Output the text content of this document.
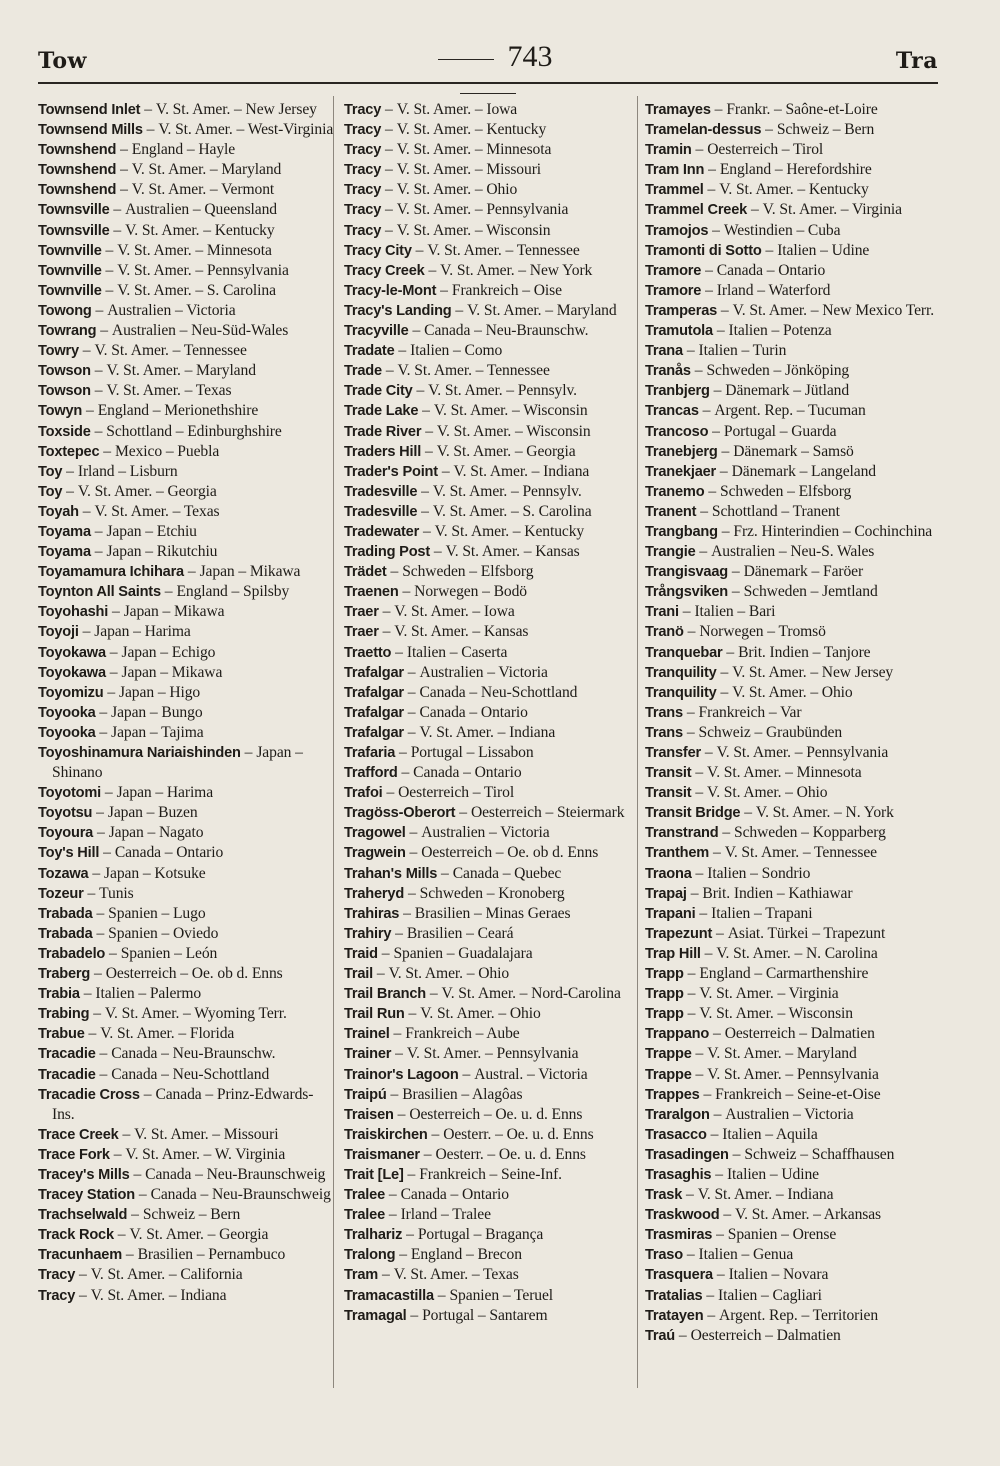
Tow	743	Tra
Townsend Inlet – V. St. Amer. – New Jersey
Townsend Mills – V. St. Amer. – West-Virginia
Townshend – England – Hayle
Townshend – V. St. Amer. – Maryland
Townshend – V. St. Amer. – Vermont
Townsville – Australien – Queensland
Townsville – V. St. Amer. – Kentucky
Townville – V. St. Amer. – Minnesota
Townville – V. St. Amer. – Pennsylvania
Townville – V. St. Amer. – S. Carolina
Towong – Australien – Victoria
Towrang – Australien – Neu-Süd-Wales
Towry – V. St. Amer. – Tennessee
Towson – V. St. Amer. – Maryland
Towson – V. St. Amer. – Texas
Towyn – England – Merionethshire
Toxside – Schottland – Edinburghshire
Toxtepec – Mexico – Puebla
Toy – Irland – Lisburn
Toy – V. St. Amer. – Georgia
Toyah – V. St. Amer. – Texas
Toyama – Japan – Etchiu
Toyama – Japan – Rikutchiu
Toyamamura Ichihara – Japan – Mikawa
Toynton All Saints – England – Spilsby
Toyohashi – Japan – Mikawa
Toyoji – Japan – Harima
Toyokawa – Japan – Echigo
Toyokawa – Japan – Mikawa
Toyomizu – Japan – Higo
Toyooka – Japan – Bungo
Toyooka – Japan – Tajima
Toyoshinamura Nariaishinden – Japan – Shinano
Toyotomi – Japan – Harima
Toyotsu – Japan – Buzen
Toyoura – Japan – Nagato
Toy's Hill – Canada – Ontario
Tozawa – Japan – Kotsuke
Tozeur – Tunis
Trabada – Spanien – Lugo
Trabada – Spanien – Oviedo
Trabadelo – Spanien – León
Traberg – Oesterreich – Oe. ob d. Enns
Trabia – Italien – Palermo
Trabing – V. St. Amer. – Wyoming Terr.
Trabue – V. St. Amer. – Florida
Tracadie – Canada – Neu-Braunschw.
Tracadie – Canada – Neu-Schottland
Tracadie Cross – Canada – Prinz-Edwards-Ins.
Trace Creek – V. St. Amer. – Missouri
Trace Fork – V. St. Amer. – W. Virginia
Tracey's Mills – Canada – Neu-Braunschweig
Tracey Station – Canada – Neu-Braunschweig
Trachselwald – Schweiz – Bern
Track Rock – V. St. Amer. – Georgia
Tracunhaem – Brasilien – Pernambuco
Tracy – V. St. Amer. – California
Tracy – V. St. Amer. – Indiana
Tracy – V. St. Amer. – Iowa
Tracy – V. St. Amer. – Kentucky
Tracy – V. St. Amer. – Minnesota
Tracy – V. St. Amer. – Missouri
Tracy – V. St. Amer. – Ohio
Tracy – V. St. Amer. – Pennsylvania
Tracy – V. St. Amer. – Wisconsin
Tracy City – V. St. Amer. – Tennessee
Tracy Creek – V. St. Amer. – New York
Tracy-le-Mont – Frankreich – Oise
Tracy's Landing – V. St. Amer. – Maryland
Tracyville – Canada – Neu-Braunschw.
Tradate – Italien – Como
Trade – V. St. Amer. – Tennessee
Trade City – V. St. Amer. – Pennsylv.
Trade Lake – V. St. Amer. – Wisconsin
Trade River – V. St. Amer. – Wisconsin
Traders Hill – V. St. Amer. – Georgia
Trader's Point – V. St. Amer. – Indiana
Tradesville – V. St. Amer. – Pennsylv.
Tradesville – V. St. Amer. – S. Carolina
Tradewater – V. St. Amer. – Kentucky
Trading Post – V. St. Amer. – Kansas
Trädet – Schweden – Elfsborg
Traenen – Norwegen – Bodö
Traer – V. St. Amer. – Iowa
Traer – V. St. Amer. – Kansas
Traetto – Italien – Caserta
Trafalgar – Australien – Victoria
Trafalgar – Canada – Neu-Schottland
Trafalgar – Canada – Ontario
Trafalgar – V. St. Amer. – Indiana
Trafaria – Portugal – Lissabon
Trafford – Canada – Ontario
Trafoi – Oesterreich – Tirol
Tragöss-Oberort – Oesterreich – Steiermark
Tragowel – Australien – Victoria
Tragwein – Oesterreich – Oe. ob d. Enns
Trahan's Mills – Canada – Quebec
Traheryd – Schweden – Kronoberg
Trahiras – Brasilien – Minas Geraes
Trahiry – Brasilien – Ceará
Traid – Spanien – Guadalajara
Trail – V. St. Amer. – Ohio
Trail Branch – V. St. Amer. – Nord-Carolina
Trail Run – V. St. Amer. – Ohio
Trainel – Frankreich – Aube
Trainer – V. St. Amer. – Pennsylvania
Trainor's Lagoon – Austral. – Victoria
Traipú – Brasilien – Alagôas
Traisen – Oesterreich – Oe. u. d. Enns
Traiskirchen – Oesterr. – Oe. u. d. Enns
Traismaner – Oesterr. – Oe. u. d. Enns
Trait [Le] – Frankreich – Seine-Inf.
Tralee – Canada – Ontario
Tralee – Irland – Tralee
Tralhariz – Portugal – Bragança
Tralong – England – Brecon
Tram – V. St. Amer. – Texas
Tramacastilla – Spanien – Teruel
Tramagal – Portugal – Santarem
Tramayes – Frankr. – Saône-et-Loire
Tramelan-dessus – Schweiz – Bern
Tramin – Oesterreich – Tirol
Tram Inn – England – Herefordshire
Trammel – V. St. Amer. – Kentucky
Trammel Creek – V. St. Amer. – Virginia
Tramojos – Westindien – Cuba
Tramonti di Sotto – Italien – Udine
Tramore – Canada – Ontario
Tramore – Irland – Waterford
Tramperas – V. St. Amer. – New Mexico Terr.
Tramutola – Italien – Potenza
Trana – Italien – Turin
Tranås – Schweden – Jönköping
Tranbjerg – Dänemark – Jütland
Trancas – Argent. Rep. – Tucuman
Trancoso – Portugal – Guarda
Tranebjerg – Dänemark – Samsö
Tranekjaer – Dänemark – Langeland
Tranemo – Schweden – Elfsborg
Tranent – Schottland – Tranent
Trangbang – Frz. Hinterindien – Cochinchina
Trangie – Australien – Neu-S. Wales
Trangisvaag – Dänemark – Faröer
Trångsviken – Schweden – Jemtland
Trani – Italien – Bari
Tranö – Norwegen – Tromsö
Tranquebar – Brit. Indien – Tanjore
Tranquility – V. St. Amer. – New Jersey
Tranquility – V. St. Amer. – Ohio
Trans – Frankreich – Var
Trans – Schweiz – Graubünden
Transfer – V. St. Amer. – Pennsylvania
Transit – V. St. Amer. – Minnesota
Transit – V. St. Amer. – Ohio
Transit Bridge – V. St. Amer. – N. York
Transtrand – Schweden – Kopparberg
Tranthem – V. St. Amer. – Tennessee
Traona – Italien – Sondrio
Trapaj – Brit. Indien – Kathiawar
Trapani – Italien – Trapani
Trapezunt – Asiat. Türkei – Trapezunt
Trap Hill – V. St. Amer. – N. Carolina
Trapp – England – Carmarthenshire
Trapp – V. St. Amer. – Virginia
Trapp – V. St. Amer. – Wisconsin
Trappano – Oesterreich – Dalmatien
Trappe – V. St. Amer. – Maryland
Trappe – V. St. Amer. – Pennsylvania
Trappes – Frankreich – Seine-et-Oise
Traralgon – Australien – Victoria
Trasacco – Italien – Aquila
Trasadingen – Schweiz – Schaffhausen
Trasaghis – Italien – Udine
Trask – V. St. Amer. – Indiana
Traskwood – V. St. Amer. – Arkansas
Trasmiras – Spanien – Orense
Traso – Italien – Genua
Trasquera – Italien – Novara
Tratalias – Italien – Cagliari
Tratayen – Argent. Rep. – Territorien
Traú – Oesterreich – Dalmatien
